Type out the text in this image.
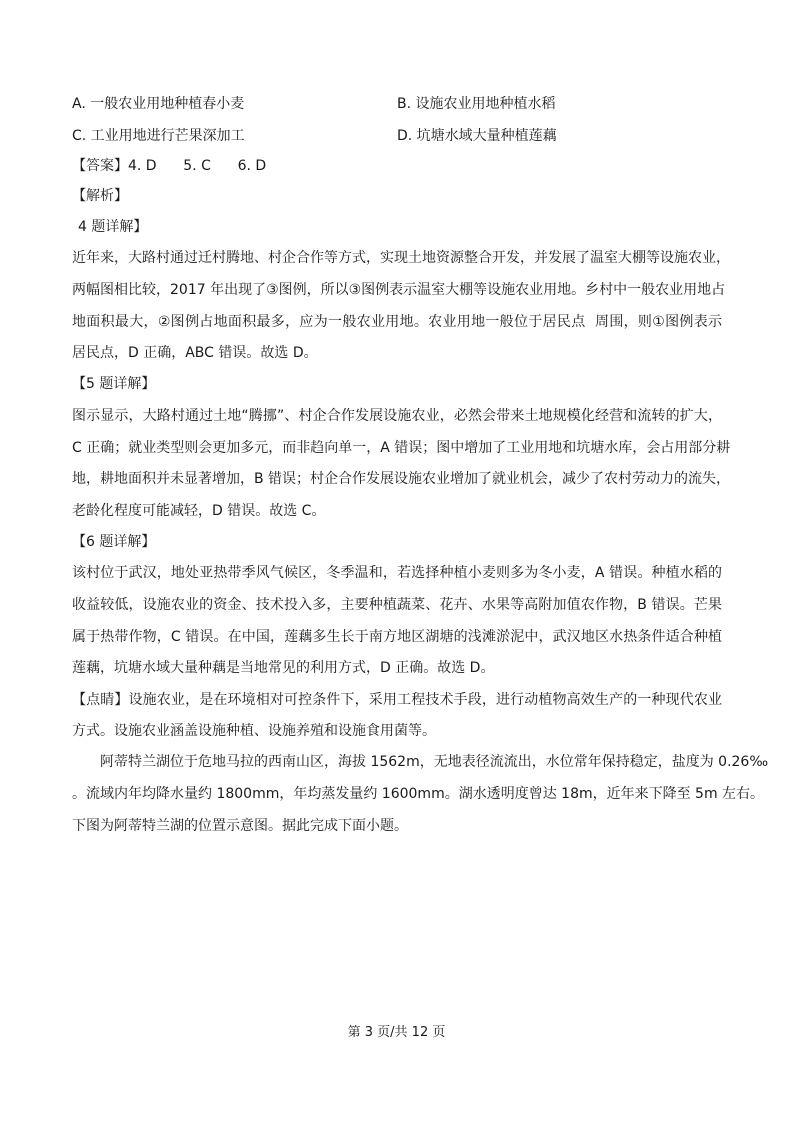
A. 一般农业用地种植春小麦	B. 设施农业用地种植水稻
C. 工业用地进行芒果深加工	D. 坑塘水域大量种植莲藕
【答案】4. D      5. C      6. D
【解析】
4 题详解】
近年来，大路村通过迁村腾地、村企合作等方式，实现土地资源整合开发，并发展了温室大棚等设施农业，
两幅图相比较，2017 年出现了③图例，所以③图例表示温室大棚等设施农业用地。乡村中一般农业用地占
地面积最大，②图例占地面积最多，应为一般农业用地。农业用地一般位于居民点  周围，则①图例表示
居民点，D 正确，ABC 错误。故选 D。
【5 题详解】
图示显示，大路村通过土地“腾挪”、村企合作发展设施农业，必然会带来土地规模化经营和流转的扩大，
C 正确；就业类型则会更加多元，而非趋向单一，A 错误；图中增加了工业用地和坑塘水库，会占用部分耕
地，耕地面积并未显著增加，B 错误；村企合作发展设施农业增加了就业机会，减少了农村劳动力的流失，
老龄化程度可能减轻，D 错误。故选 C。
【6 题详解】
该村位于武汉，地处亚热带季风气候区，冬季温和，若选择种植小麦则多为冬小麦，A 错误。种植水稻的
收益较低，设施农业的资金、技术投入多，主要种植蔬菜、花卉、水果等高附加值农作物，B 错误。芒果
属于热带作物，C 错误。在中国，莲藕多生长于南方地区湖塘的浅滩淤泥中，武汉地区水热条件适合种植
莲藕，坑塘水域大量种藕是当地常见的利用方式，D 正确。故选 D。
【点睛】设施农业，是在环境相对可控条件下，采用工程技术手段，进行动植物高效生产的一种现代农业
方式。设施农业涵盖设施种植、设施养殖和设施食用菌等。
阿蒂特兰湖位于危地马拉的西南山区，海拔 1562m，无地表径流流出，水位常年保持稳定，盐度为 0.26‰
。流域内年均降水量约 1800mm，年均蒸发量约 1600mm。湖水透明度曾达 18m，近年来下降至 5m 左右。
下图为阿蒂特兰湖的位置示意图。据此完成下面小题。
第 3 页/共 12 页
